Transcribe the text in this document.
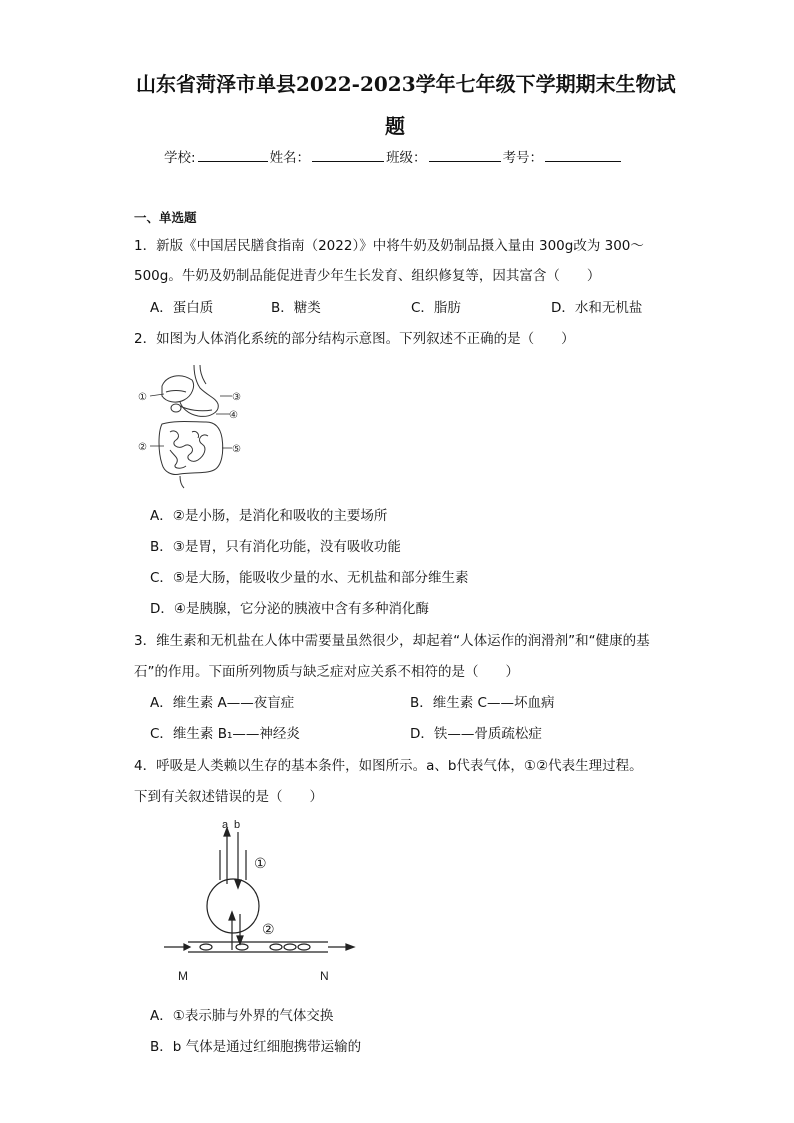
山东省菏泽市单县2022-2023学年七年级下学期期末生物试
题
学校:	姓名：	班级：	考号：
一、单选题
1．新版《中国居民膳食指南（2022）》中将牛奶及奶制品摄入量由 300g改为 300～
500g。牛奶及奶制品能促进青少年生长发育、组织修复等，因其富含（　　）
A．蛋白质	B．糖类	C．脂肪	D．水和无机盐
2．如图为人体消化系统的部分结构示意图。下列叙述不正确的是（　　）
①
②
③
④
⑤
A．②是小肠，是消化和吸收的主要场所
B．③是胃，只有消化功能，没有吸收功能
C．⑤是大肠，能吸收少量的水、无机盐和部分维生素
D．④是胰腺，它分泌的胰液中含有多种消化酶
3．维生素和无机盐在人体中需要量虽然很少，却起着“人体运作的润滑剂”和“健康的基
石”的作用。下面所列物质与缺乏症对应关系不相符的是（　　）
A．维生素 A——夜盲症	B．维生素 C——坏血病
C．维生素 B₁——神经炎	D．铁——骨质疏松症
4．呼吸是人类赖以生存的基本条件，如图所示。a、b代表气体，①②代表生理过程。
下到有关叙述错误的是（　　）
a b
①
②
M	N
A．①表示肺与外界的气体交换
B．b 气体是通过红细胞携带运输的
